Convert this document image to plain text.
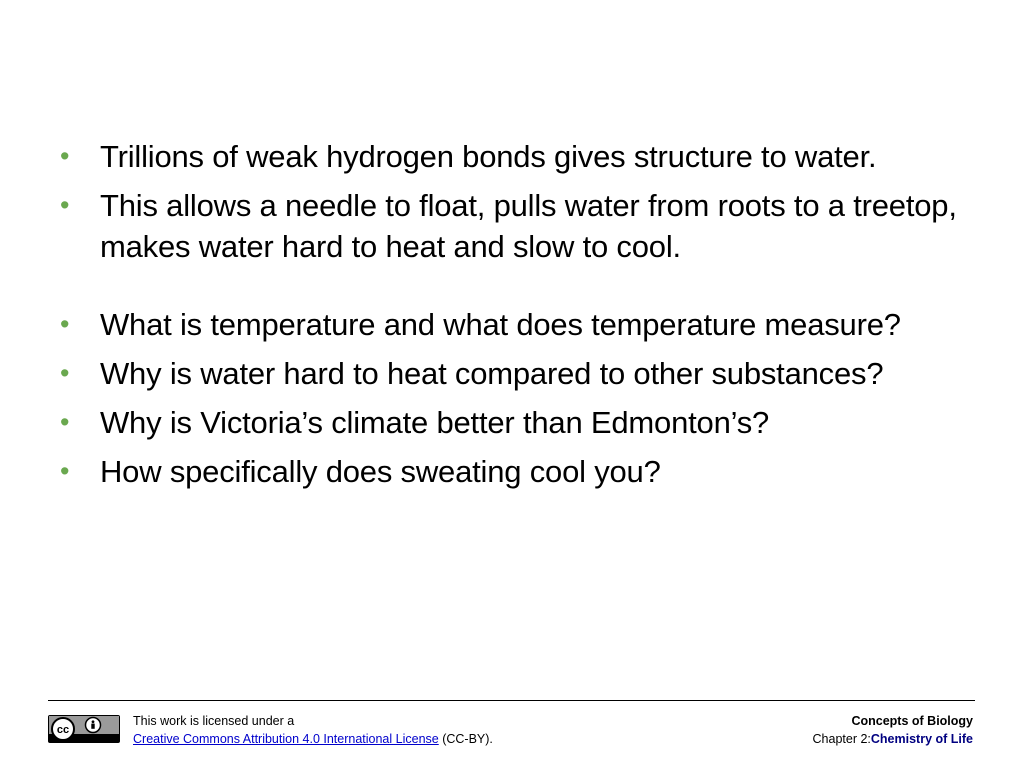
• Trillions of weak hydrogen bonds gives structure to water.
• This allows a needle to float, pulls water from roots to a treetop, makes water hard to heat and slow to cool.
• What is temperature and what does temperature measure?
• Why is water hard to heat compared to other substances?
• Why is Victoria’s climate better than Edmonton’s?
• How specifically does sweating cool you?
cc
This work is licensed under a
Creative Commons Attribution 4.0 International License (CC-BY).
Concepts of Biology
Chapter 2:Chemistry of Life
